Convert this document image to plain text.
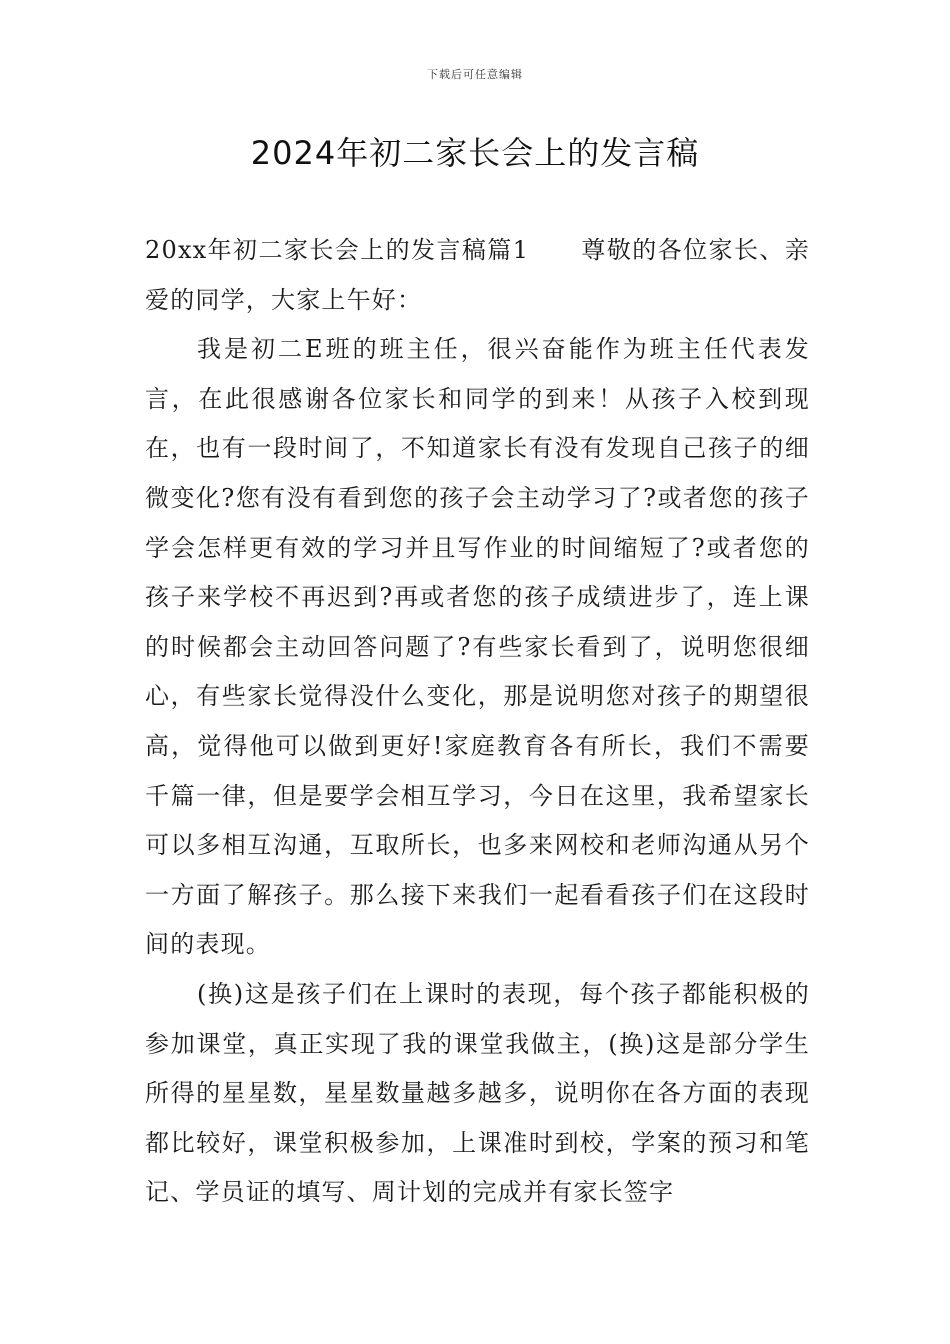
下载后可任意编辑
2024年初二家长会上的发言稿

20xx年初二家长会上的发言稿篇1 尊敬的各位家长、亲爱的同学，大家上午好：

我是初二E班的班主任，很兴奋能作为班主任代表发言，在此很感谢各位家长和同学的到来！从孩子入校到现在，也有一段时间了，不知道家长有没有发现自己孩子的细微变化?您有没有看到您的孩子会主动学习了?或者您的孩子学会怎样更有效的学习并且写作业的时间缩短了?或者您的孩子来学校不再迟到?再或者您的孩子成绩进步了，连上课的时候都会主动回答问题了?有些家长看到了，说明您很细心，有些家长觉得没什么变化，那是说明您对孩子的期望很高，觉得他可以做到更好!家庭教育各有所长，我们不需要千篇一律，但是要学会相互学习，今日在这里，我希望家长可以多相互沟通，互取所长，也多来网校和老师沟通从另个一方面了解孩子。那么接下来我们一起看看孩子们在这段时间的表现。

(换)这是孩子们在上课时的表现，每个孩子都能积极的参加课堂，真正实现了我的课堂我做主，(换)这是部分学生所得的星星数，星星数量越多越多，说明你在各方面的表现都比较好，课堂积极参加，上课准时到校，学案的预习和笔记、学员证的填写、周计划的完成并有家长签字
